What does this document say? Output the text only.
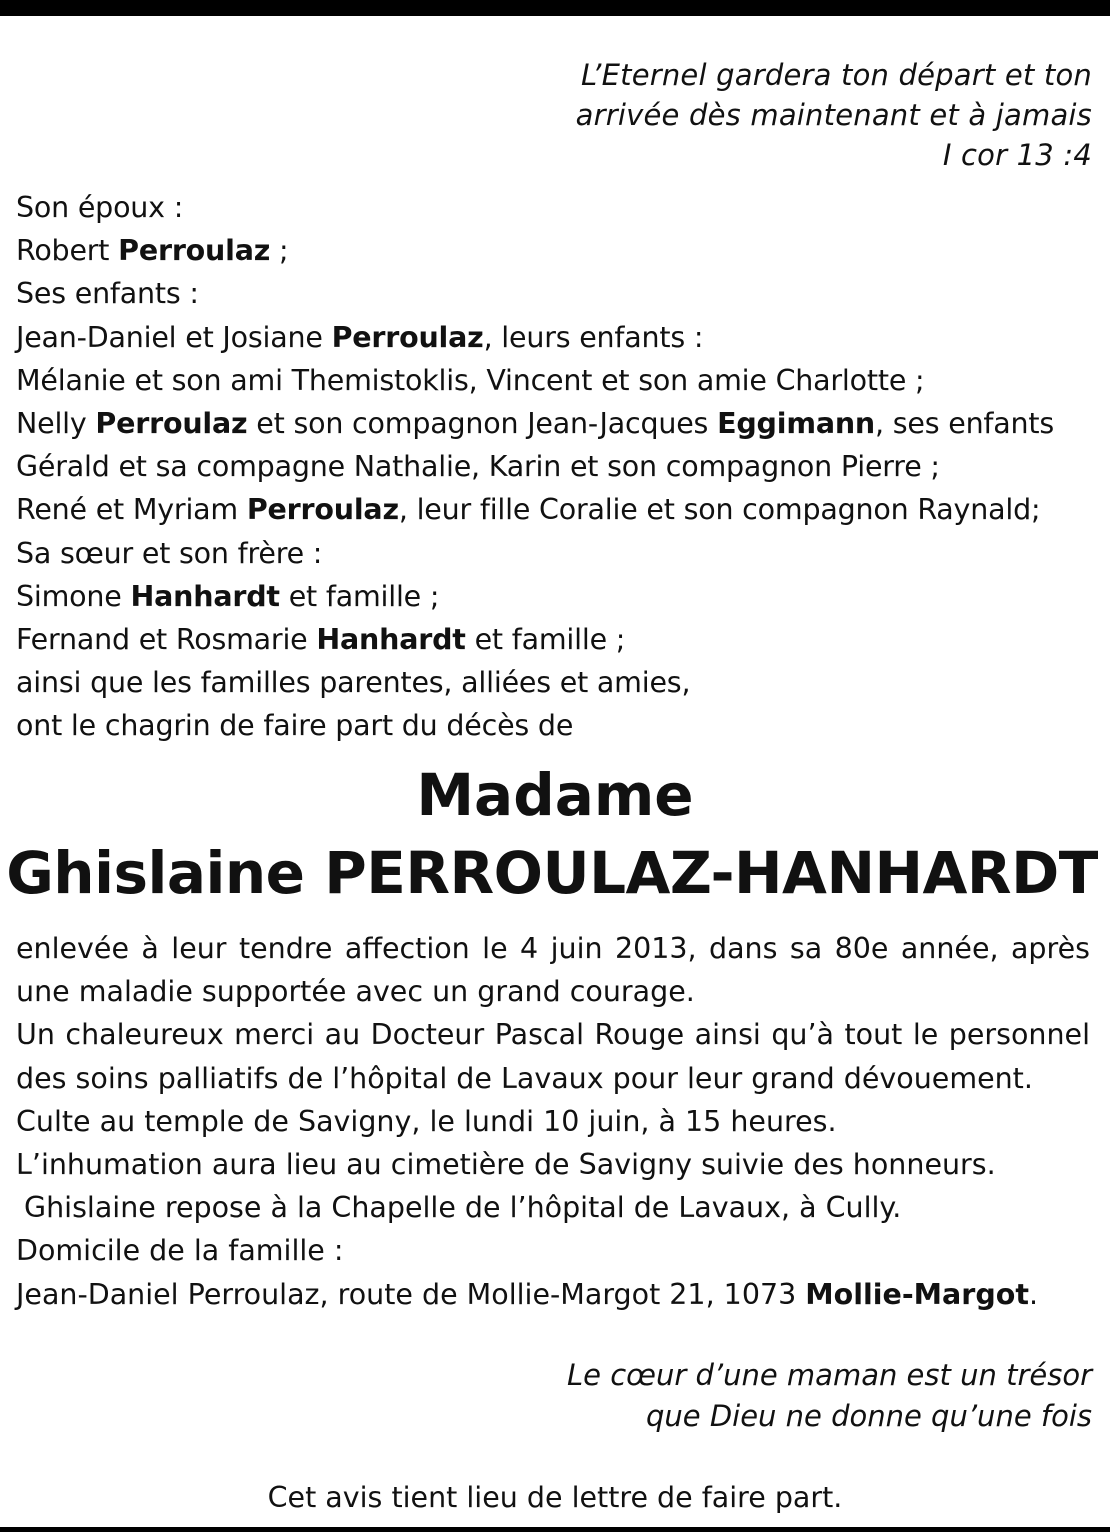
L’Eternel gardera ton départ et ton
arrivée dès maintenant et à jamais
I cor 13 :4
Son époux :
Robert Perroulaz ;
Ses enfants :
Jean-Daniel et Josiane Perroulaz, leurs enfants :
Mélanie et son ami Themistoklis, Vincent et son amie Charlotte ;
Nelly Perroulaz et son compagnon Jean-Jacques Eggimann, ses enfants
Gérald et sa compagne Nathalie, Karin et son compagnon Pierre ;
René et Myriam Perroulaz, leur fille Coralie et son compagnon Raynald;
Sa sœur et son frère :
Simone Hanhardt et famille ;
Fernand et Rosmarie Hanhardt et famille ;
ainsi que les familles parentes, alliées et amies,
ont le chagrin de faire part du décès de
Madame
Ghislaine PERROULAZ-HANHARDT
enlevée à leur tendre affection le 4 juin 2013, dans sa 80e année, après une maladie supportée avec un grand courage.
Un chaleureux merci au Docteur Pascal Rouge ainsi qu’à tout le personnel des soins palliatifs de l’hôpital de Lavaux pour leur grand dévouement.
Culte au temple de Savigny, le lundi 10 juin, à 15 heures.
L’inhumation aura lieu au cimetière de Savigny suivie des honneurs.
Ghislaine repose à la Chapelle de l’hôpital de Lavaux, à Cully.
Domicile de la famille :
Jean-Daniel Perroulaz, route de Mollie-Margot 21, 1073 Mollie-Margot.
Le cœur d’une maman est un trésor
que Dieu ne donne qu’une fois
Cet avis tient lieu de lettre de faire part.
